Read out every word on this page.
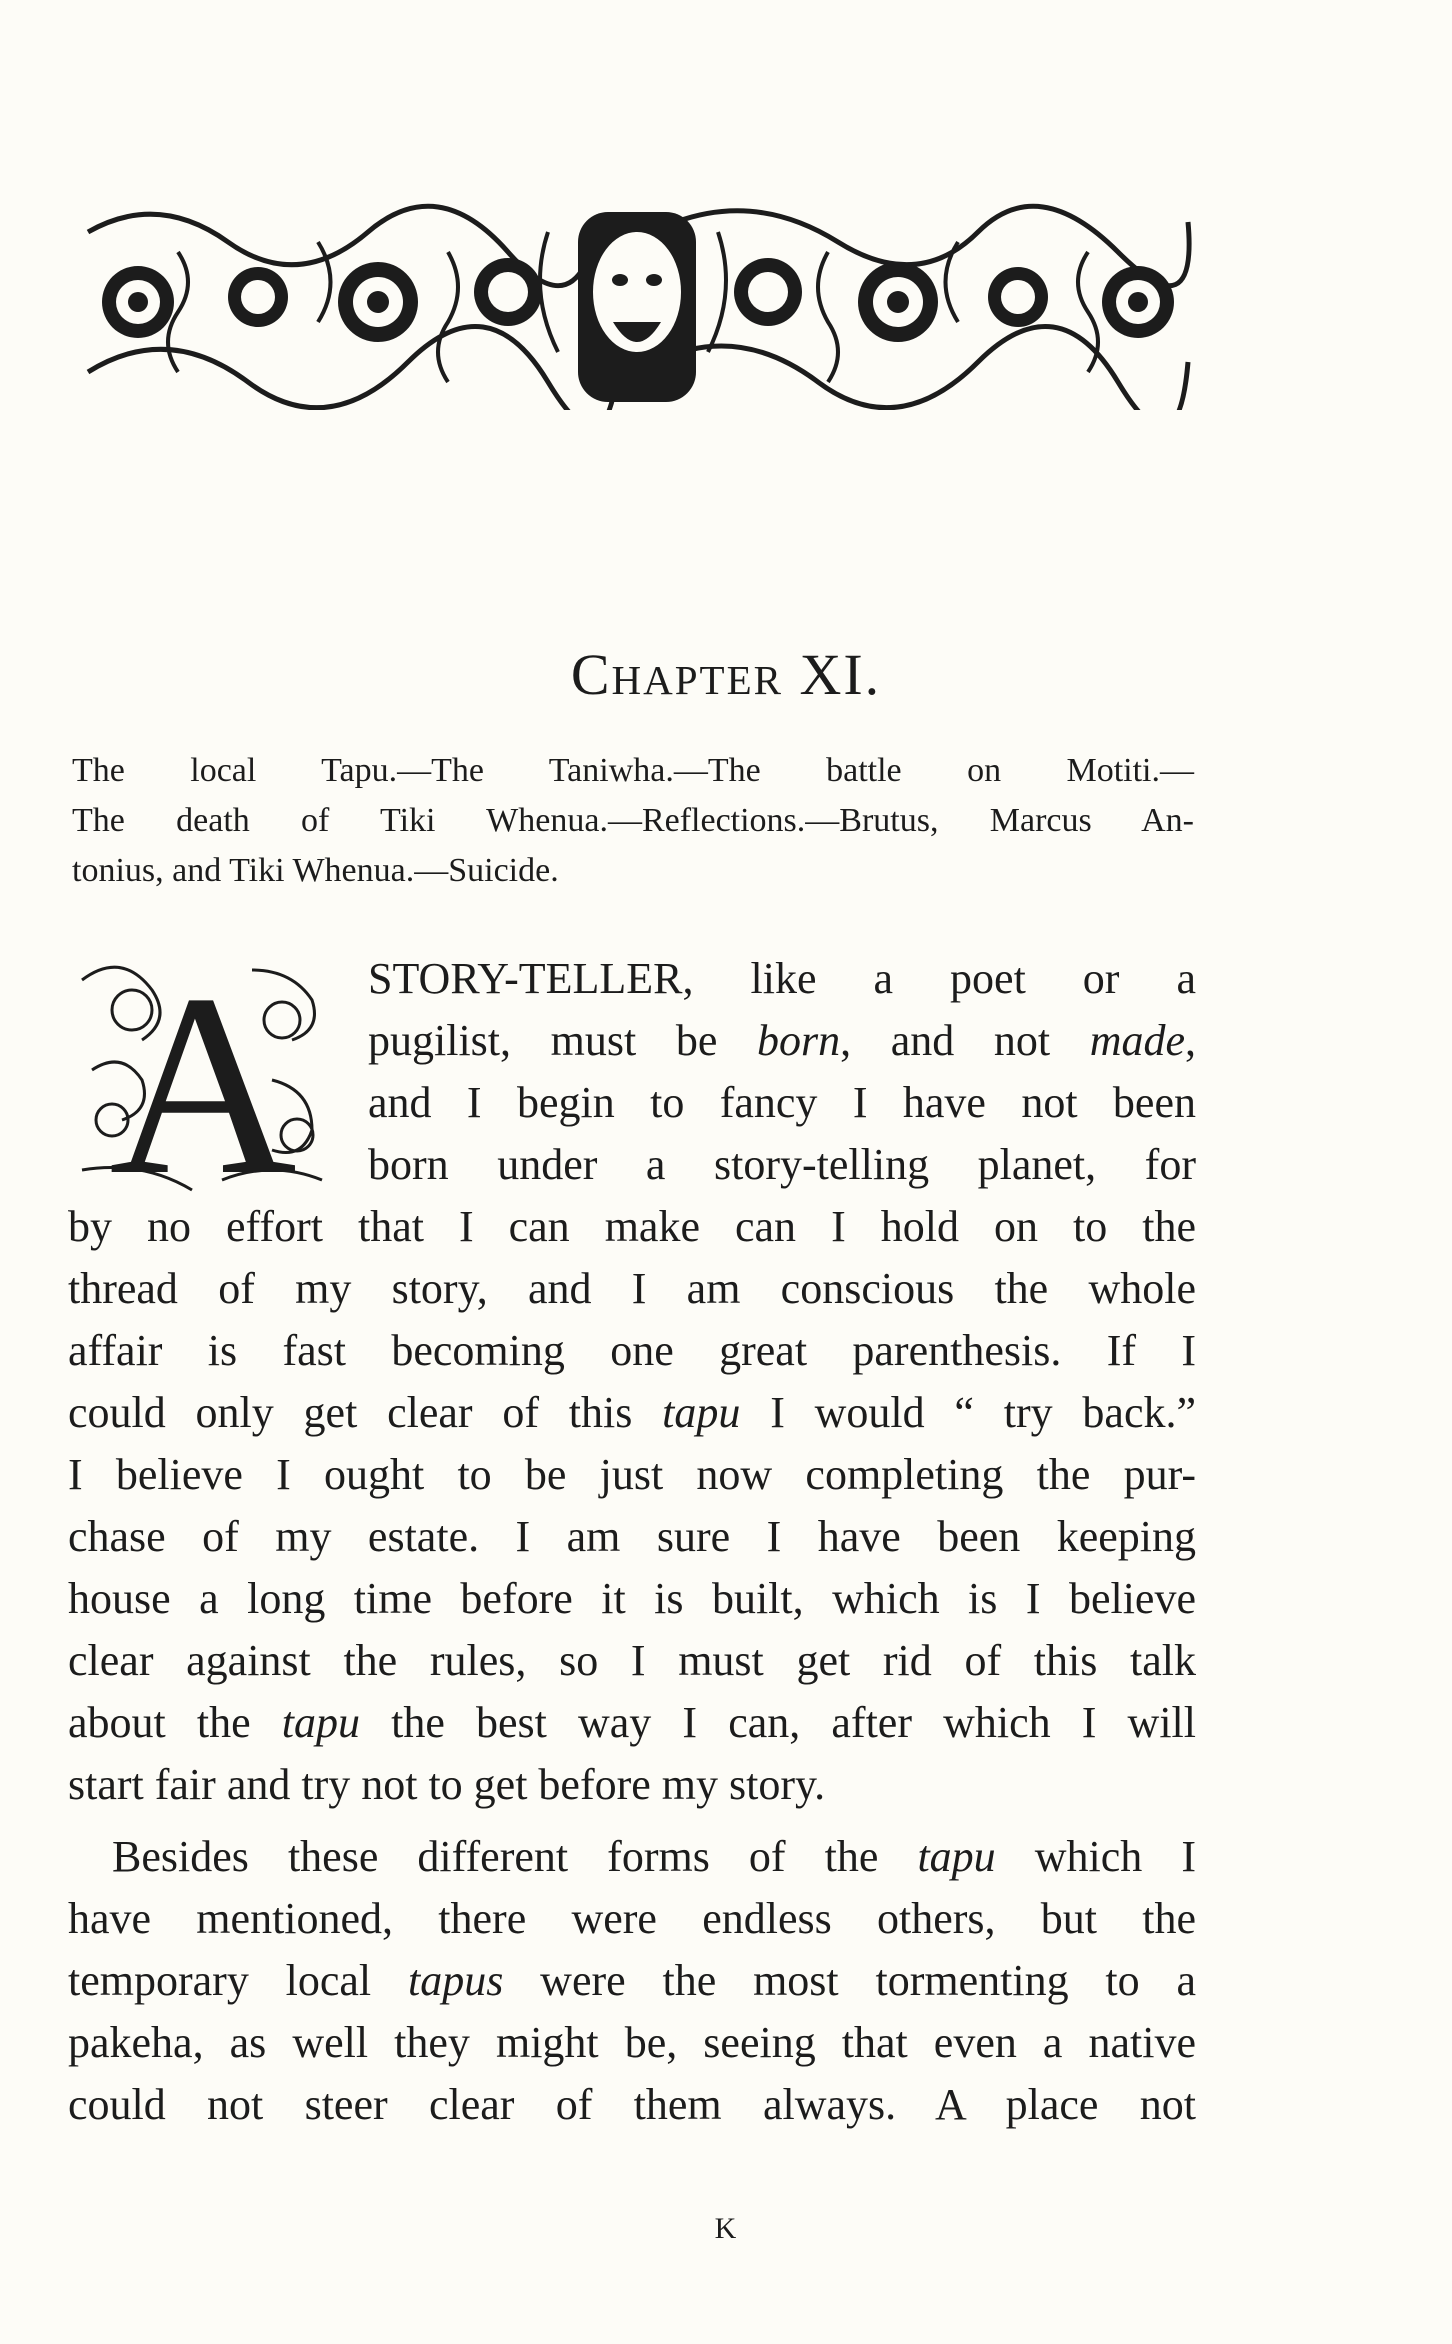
Chapter XI.
The local Tapu.—The Taniwha.—The battle on Motiti.—
The death of Tiki Whenua.—Reflections.—Brutus, Marcus An-
tonius, and Tiki Whenua.—Suicide.
A	STORY-TELLER, like a poet or a
pugilist, must be born, and not made,
and I begin to fancy I have not been
born under a story-telling planet, for
by no effort that I can make can I hold on to the
thread of my story, and I am conscious the whole
affair is fast becoming one great parenthesis. If I
could only get clear of this tapu I would “ try back.”
I believe I ought to be just now completing the pur-
chase of my estate. I am sure I have been keeping
house a long time before it is built, which is I believe
clear against the rules, so I must get rid of this talk
about the tapu the best way I can, after which I will
start fair and try not to get before my story.
Besides these different forms of the tapu which I
have mentioned, there were endless others, but the
temporary local tapus were the most tormenting to a
pakeha, as well they might be, seeing that even a native
could not steer clear of them always. A place not
K
